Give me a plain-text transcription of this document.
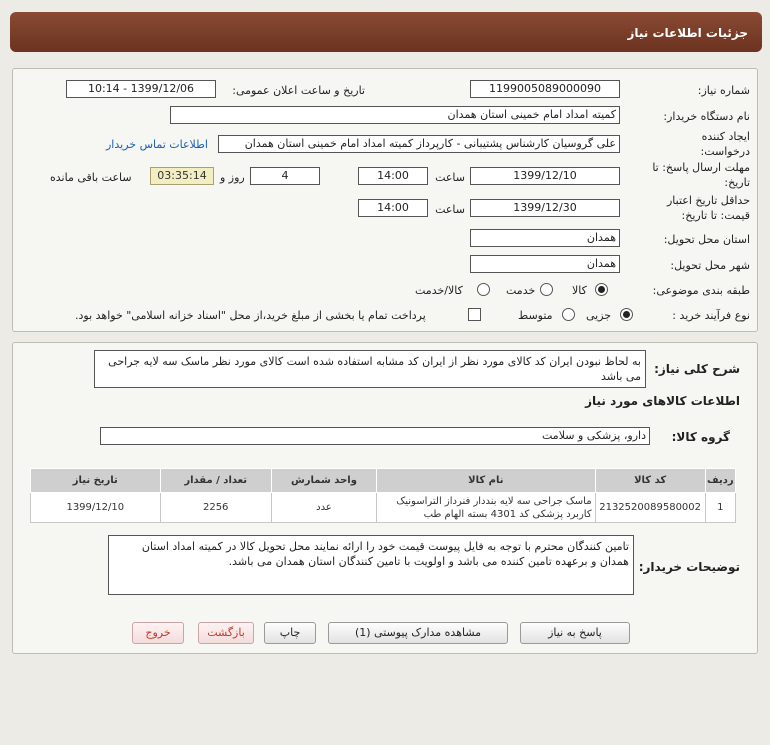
جزئیات اطلاعات نیاز
شماره نیاز:
1199005089000090
تاریخ و ساعت اعلان عمومی:
1399/12/06 - 10:14
نام دستگاه خریدار:
کمیته امداد امام خمینی استان همدان
ایجاد کننده درخواست:
علی گروسیان کارشناس پشتیبانی - کارپرداز کمیته امداد امام خمینی استان همدان
اطلاعات تماس خریدار
مهلت ارسال پاسخ: تا تاریخ:
1399/12/10
ساعت
14:00
4
روز و
03:35:14
ساعت باقی مانده
حداقل تاریخ اعتبار قیمت: تا تاریخ:
1399/12/30
ساعت
14:00
استان محل تحویل:
همدان
شهر محل تحویل:
همدان
طبقه بندی موضوعی:
کالا
خدمت
کالا/خدمت
نوع فرآیند خرید :
جزیی
متوسط
پرداخت تمام یا بخشی از مبلغ خرید،از محل "اسناد خزانه اسلامی" خواهد بود.
شرح کلی نیاز:
به لحاظ نبودن ایران کد کالای مورد نظر از ایران کد مشابه استفاده شده است کالای مورد نظر ماسک سه لایه جراحی می باشد
اطلاعات کالاهای مورد نیاز
گروه کالا:
دارو، پزشکی و سلامت
ردیف	کد کالا	نام کالا	واحد شمارش	تعداد / مقدار	تاریخ نیاز
1	2132520089580002	ماسک جراحی سه لایه بنددار فنرداز التراسونیک کاربرد پزشکی کد 4301 بسته الهام طب	عدد	2256	1399/12/10
توضیحات خریدار:
تامین کنندگان محترم با توجه به فایل پیوست قیمت خود را ارائه نمایند محل تحویل کالا در کمیته امداد استان همدان و برعهده تامین کننده می باشد و اولویت با تامین کنندگان استان همدان می باشد.
پاسخ به نیاز
مشاهده مدارک پیوستی (1)
چاپ
بازگشت
خروج
